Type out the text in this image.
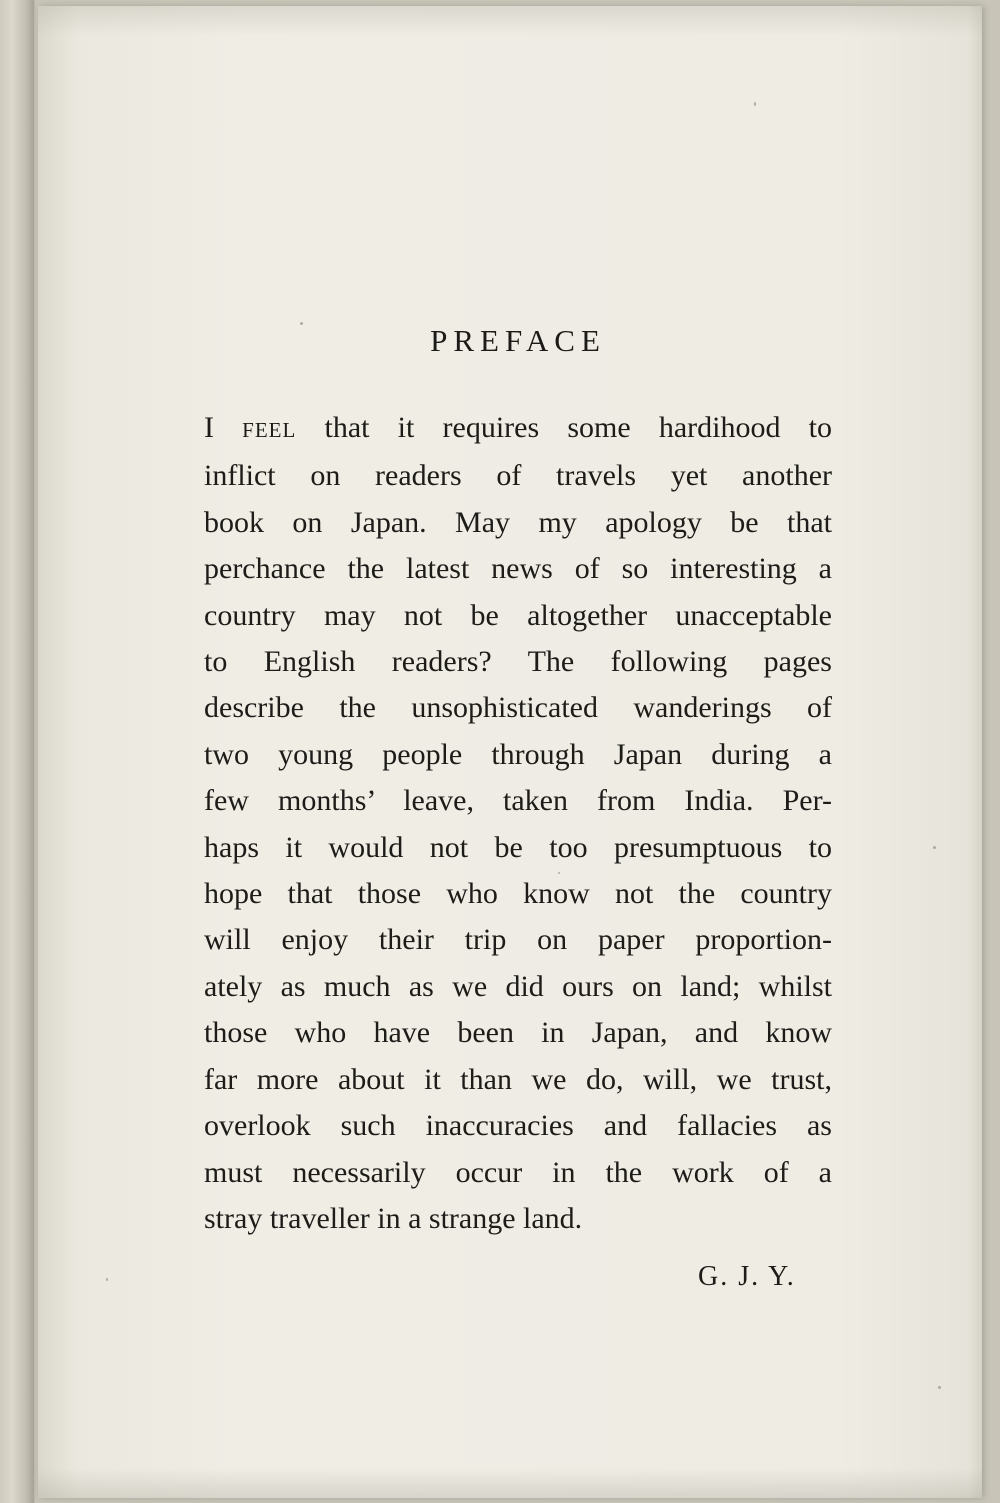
PREFACE
I FEEL that it requires some hardihood to
inflict on readers of travels yet another
book on Japan. May my apology be that
perchance the latest news of so interesting a
country may not be altogether unacceptable
to English readers? The following pages
describe the unsophisticated wanderings of
two young people through Japan during a
few months’ leave, taken from India. Per-
haps it would not be too presumptuous to
hope that those who know not the country
will enjoy their trip on paper proportion-
ately as much as we did ours on land; whilst
those who have been in Japan, and know
far more about it than we do, will, we trust,
overlook such inaccuracies and fallacies as
must necessarily occur in the work of a
stray traveller in a strange land.
G. J. Y.
